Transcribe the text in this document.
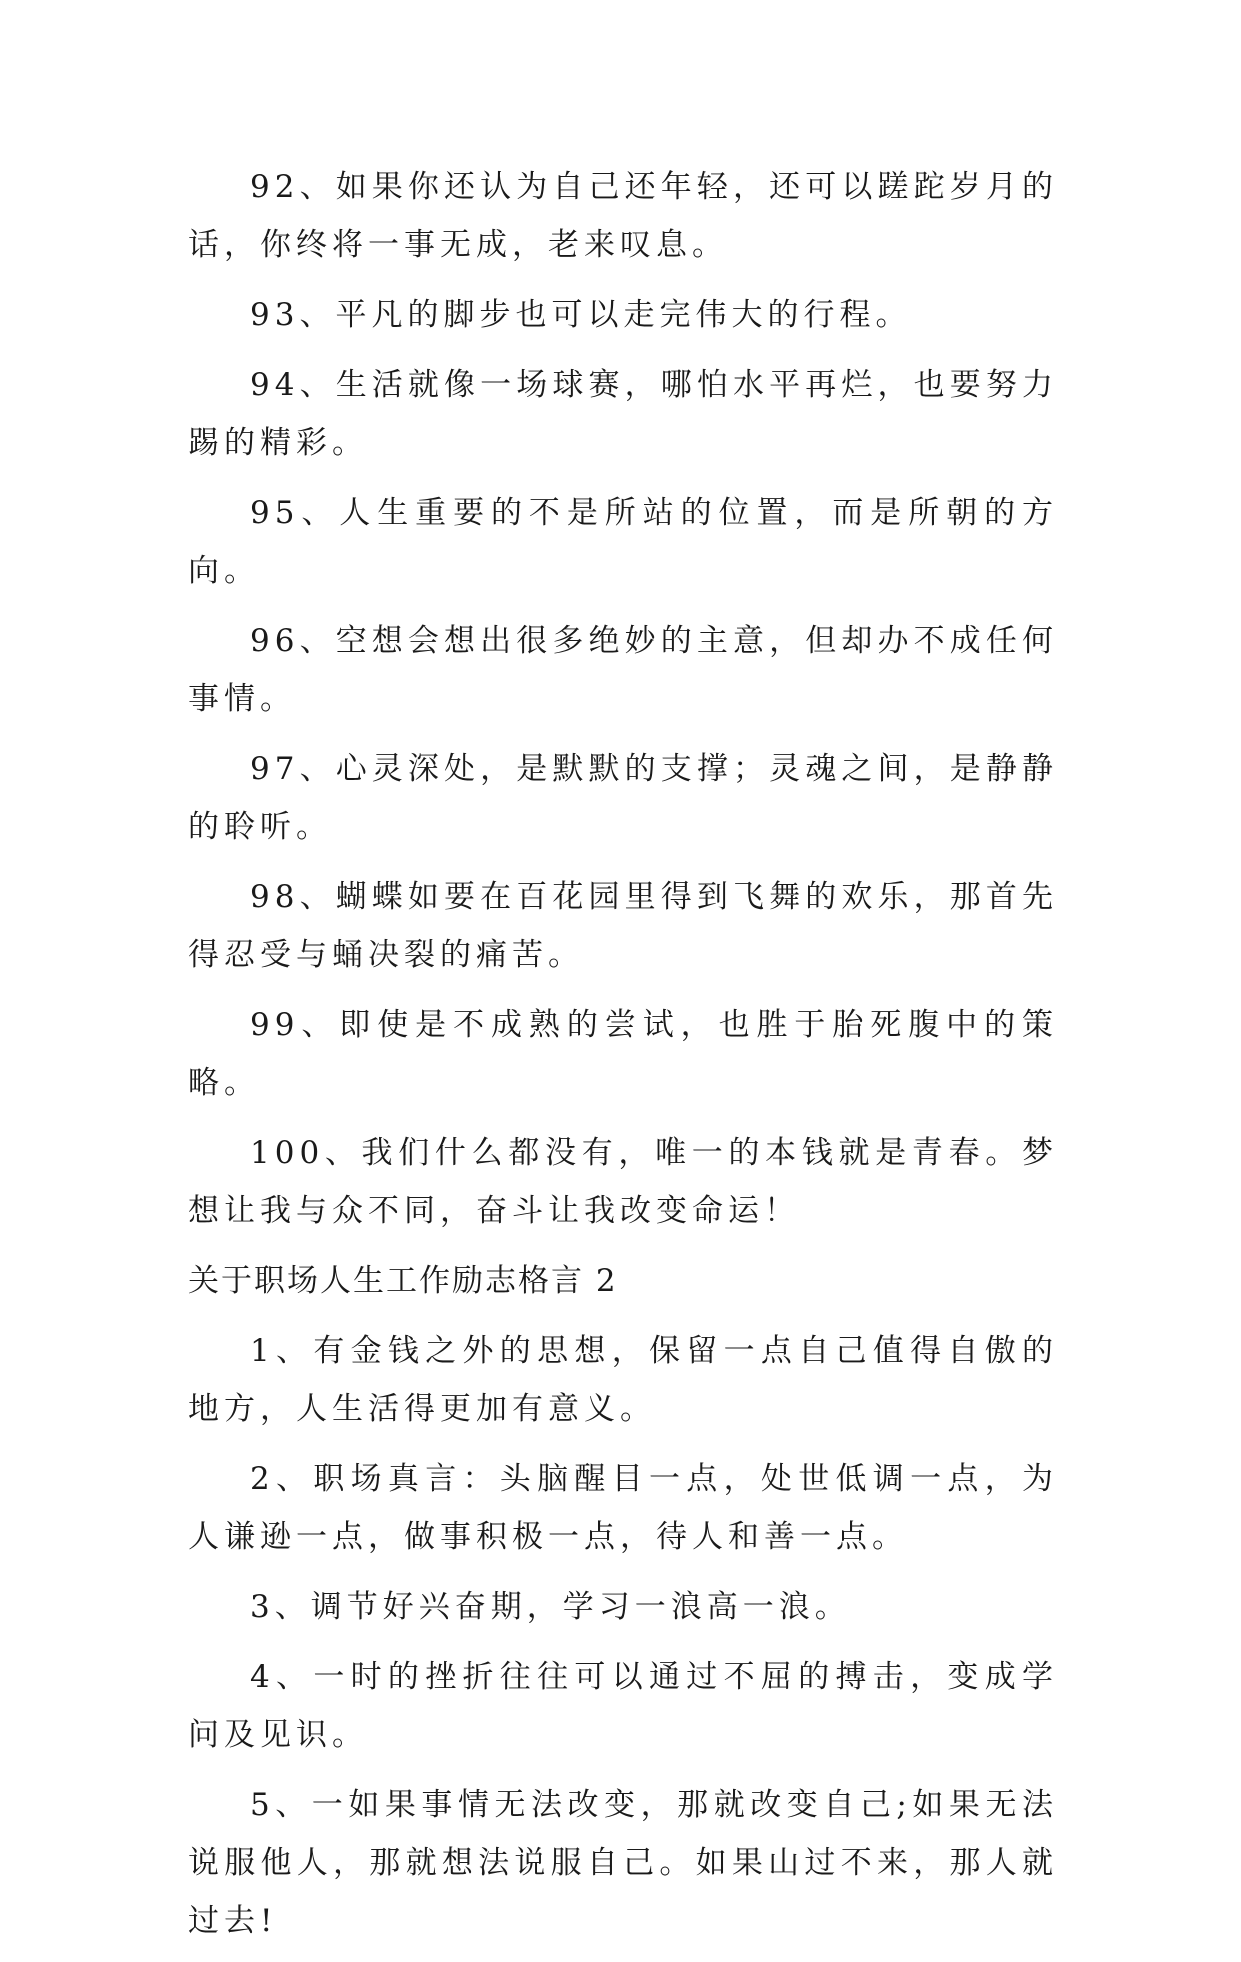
92、如果你还认为自己还年轻，还可以蹉跎岁月的话，你终将一事无成，老来叹息。

93、平凡的脚步也可以走完伟大的行程。

94、生活就像一场球赛，哪怕水平再烂，也要努力踢的精彩。

95、人生重要的不是所站的位置，而是所朝的方向。

96、空想会想出很多绝妙的主意，但却办不成任何事情。

97、心灵深处，是默默的支撑；灵魂之间，是静静的聆听。

98、蝴蝶如要在百花园里得到飞舞的欢乐，那首先得忍受与蛹决裂的痛苦。

99、即使是不成熟的尝试，也胜于胎死腹中的策略。

100、我们什么都没有，唯一的本钱就是青春。梦想让我与众不同，奋斗让我改变命运！

关于职场人生工作励志格言 2

1、有金钱之外的思想，保留一点自己值得自傲的地方，人生活得更加有意义。

2、职场真言：头脑醒目一点，处世低调一点，为人谦逊一点，做事积极一点，待人和善一点。

3、调节好兴奋期，学习一浪高一浪。

4、一时的挫折往往可以通过不屈的搏击，变成学问及见识。

5、一如果事情无法改变，那就改变自己;如果无法说服他人，那就想法说服自己。如果山过不来，那人就过去!
